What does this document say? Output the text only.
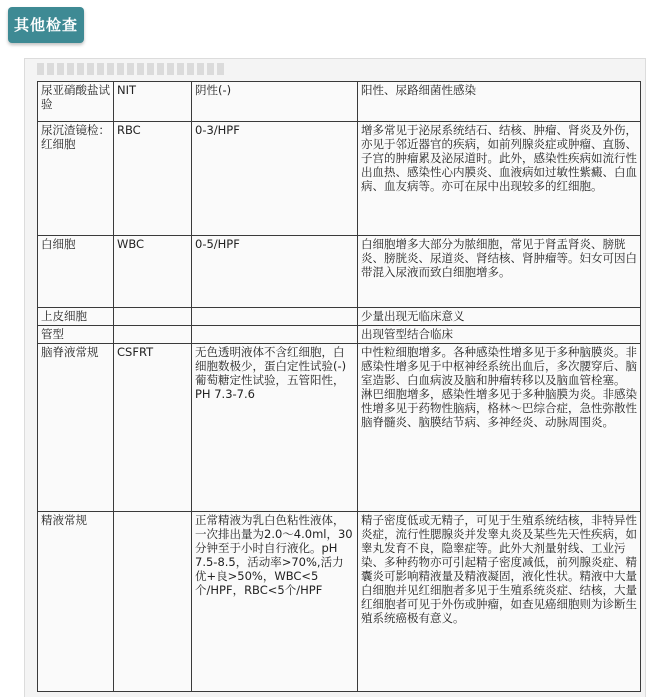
其他检查
尿亚硝酸盐试验	NIT	阴性(-)	阳性、尿路细菌性感染
尿沉渣镜检：红细胞	RBC	0-3/HPF	增多常见于泌尿系统结石、结核、肿瘤、肾炎及外伤，亦见于邻近器官的疾病，如前列腺炎症或肿瘤、直肠、子宫的肿瘤累及泌尿道时。此外，感染性疾病如流行性出血热、感染性心内膜炎、血液病如过敏性紫癜、白血病、血友病等。亦可在尿中出现较多的红细胞。
白细胞	WBC	0-5/HPF	白细胞增多大部分为脓细胞，常见于肾盂肾炎、膀胱炎、膀胱炎、尿道炎、肾结核、肾肿瘤等。妇女可因白带混入尿液而致白细胞增多。
上皮细胞			少量出现无临床意义
管型			出现管型结合临床
脑脊液常规	CSFRT	无色透明液体不含红细胞，白细胞数极少，蛋白定性试验(-)葡萄糖定性试验，五管阳性，PH 7.3-7.6	中性粒细胞增多。各种感染性增多见于多种脑膜炎。非感染性增多见于中枢神经系统出血后，多次腰穿后、脑室造影、白血病波及脑和肿瘤转移以及脑血管栓塞。
淋巴细胞增多，感染性增多见于多种脑膜为炎。非感染性增多见于药物性脑病，格林～巴综合症，急性弥散性脑脊髓炎、脑膜结节病、多神经炎、动脉周围炎。

精液常规		正常精液为乳白色粘性液体，一次排出量为2.0～4.0ml，30分钟至于小时自行液化。pH 7.5-8.5，活动率>70%,活力优+良>50%，WBC<5个/HPF，RBC<5个/HPF	精子密度低或无精子，可见于生殖系统结核，非特异性炎症，流行性腮腺炎并发睾丸炎及某些先天性疾病，如睾丸发育不良，隐睾症等。此外大剂量射线、工业污染、多种药物亦可引起精子密度减低，前列腺炎症、精囊炎可影响精液量及精液凝固，液化性状。精液中大量白细胞并见红细胞者多见于生殖系统炎症、结核，大量红细胞者可见于外伤或肿瘤，如查见癌细胞则为诊断生殖系统癌极有意义。
